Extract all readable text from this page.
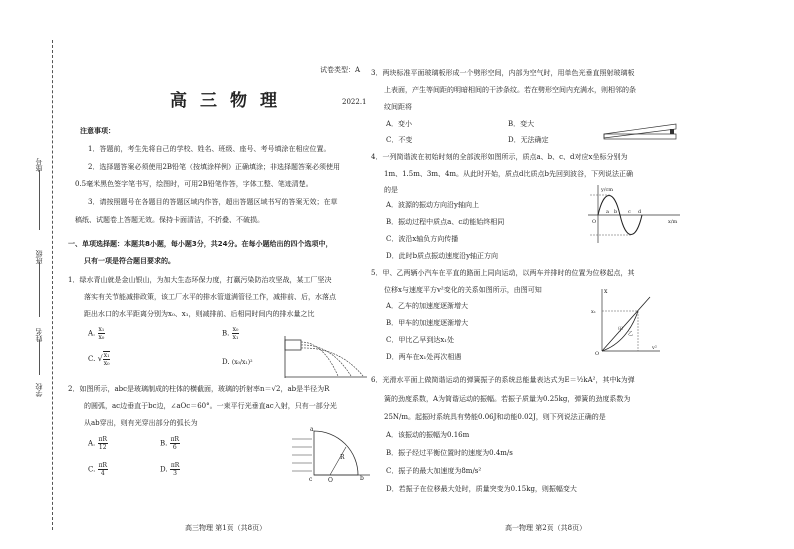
学校
姓名
班级
座号
试卷类型：A
高三物理	2022.1
注意事项：
1．答题前，考生先将自己的学校、姓名、班级、座号、考号填涂在相应位置。
2．选择题答案必须使用2B铅笔（按填涂样例）正确填涂；非选择题答案必须使用
0.5毫米黑色签字笔书写，绘图时，可用2B铅笔作答，字体工整、笔迹清楚。
3．请按照题号在各题目的答题区域内作答，超出答题区域书写的答案无效；在草
稿纸、试题卷上答题无效。保持卡面清洁，不折叠、不破损。
一、单项选择题：本题共8小题，每小题3分，共24分。在每小题给出的四个选项中，
只有一项是符合题目要求的。
1．绿水青山就是金山银山，为加大生态环保力度，打赢污染防治攻坚战，某工厂坚决
落实有关节能减排政策，该工厂水平的排水管道满管径工作，减排前、后，水落点
距出水口的水平距离分别为x₀、x₁，则减排前、后相同时间内的排水量之比
A. $\frac{\text{x₁}}{\text{x₀}}$	B. $\frac{\text{x₀}}{\text{x₁}}$
C. √ $\frac{\text{x₁}}{\text{x₀}}$	D. (x₀/x₁)²
2．如图所示，abc是玻璃制成的柱体的横截面，玻璃的折射率n＝√2，ab是半径为R
的圆弧，ac边垂直于bc边，∠aOc＝60°。一束平行光垂直ac入射，只有一部分光
从ab穿出，则有光穿出部分的弧长为
A. $\frac{\pi R}{12}$	B. $\frac{\pi R}{6}$
C. $\frac{\pi R}{4}$	D. $\frac{\pi R}{3}$
a
b
c	O
R
高三物理 第1页（共8页）
3．两块标准平面玻璃板形成一个劈形空间，内部为空气时，用单色光垂直照射玻璃板
上表面，产生等间距的明暗相间的干涉条纹。若在劈形空间内充满水，则相邻的条
纹间距将
A．变小	B．变大
C．不变	D．无法确定
4．一列简谐波在初始时刻的全部波形如图所示，质点a、b、c、d对应x坐标分别为
1m、1.5m、3m、4m。从此时开始，质点d比质点b先回到波谷，下列说法正确
的是
A．波源的振动方向沿y轴向上
B．振动过程中质点a、c动能始终相同
C．波沿x轴负方向传播
D．此时b质点振动速度沿y轴正方向
y/cm
x/m
O
a b c d
5．甲、乙两辆小汽车在平直的路面上同向运动，以两车并排时的位置为位移起点，其
位移x与速度平方v²变化的关系如图所示，由图可知
A．乙车的加速度逐渐增大
B．甲车的加速度逐渐增大
C．甲比乙早到达x₁处
D．两车在x₁处再次相遇
x
x₁
O
v²
甲
乙
6．光滑水平面上做简谐运动的弹簧振子的系统总能量表达式为E＝½kA²，其中k为弹
簧的劲度系数，A为简谐运动的振幅。若振子质量为0.25kg，弹簧的劲度系数为
25N/m。起振时系统具有势能0.06J和动能0.02J，则下列说法正确的是
A．该振动的振幅为0.16m
B．振子经过平衡位置时的速度为0.4m/s
C．振子的最大加速度为8m/s²
D．若振子在位移最大处时，质量突变为0.15kg，则振幅变大
高一物理 第2页（共8页）
